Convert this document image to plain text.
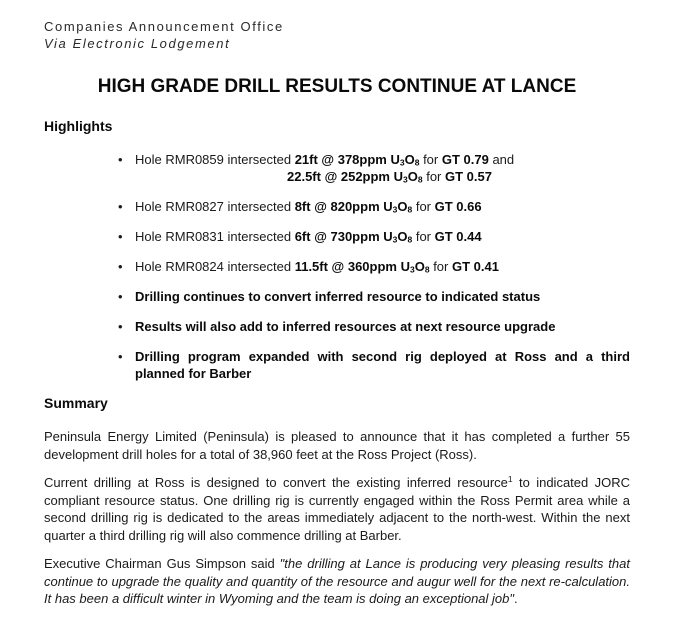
Companies Announcement Office
Via Electronic Lodgement
HIGH GRADE DRILL RESULTS CONTINUE AT LANCE
Highlights
• Hole RMR0859 intersected 21ft @ 378ppm $U_3O_8$ for GT 0.79 and
22.5ft @ 252ppm $U_3O_8$ for GT 0.57
• Hole RMR0827 intersected 8ft @ 820ppm $U_3O_8$ for GT 0.66
• Hole RMR0831 intersected 6ft @ 730ppm $U_3O_8$ for GT 0.44
• Hole RMR0824 intersected 11.5ft @ 360ppm $U_3O_8$ for GT 0.41
• Drilling continues to convert inferred resource to indicated status
• Results will also add to inferred resources at next resource upgrade
• Drilling program expanded with second rig deployed at Ross and a third planned for Barber
Summary

Peninsula Energy Limited (Peninsula) is pleased to announce that it has completed a further 55 development drill holes for a total of 38,960 feet at the Ross Project (Ross).

Current drilling at Ross is designed to convert the existing inferred resource$^1$ to indicated JORC compliant resource status. One drilling rig is currently engaged within the Ross Permit area while a second drilling rig is dedicated to the areas immediately adjacent to the north-west. Within the next quarter a third drilling rig will also commence drilling at Barber.

Executive Chairman Gus Simpson said "the drilling at Lance is producing very pleasing results that continue to upgrade the quality and quantity of the resource and augur well for the next re-calculation. It has been a difficult winter in Wyoming and the team is doing an exceptional job".
